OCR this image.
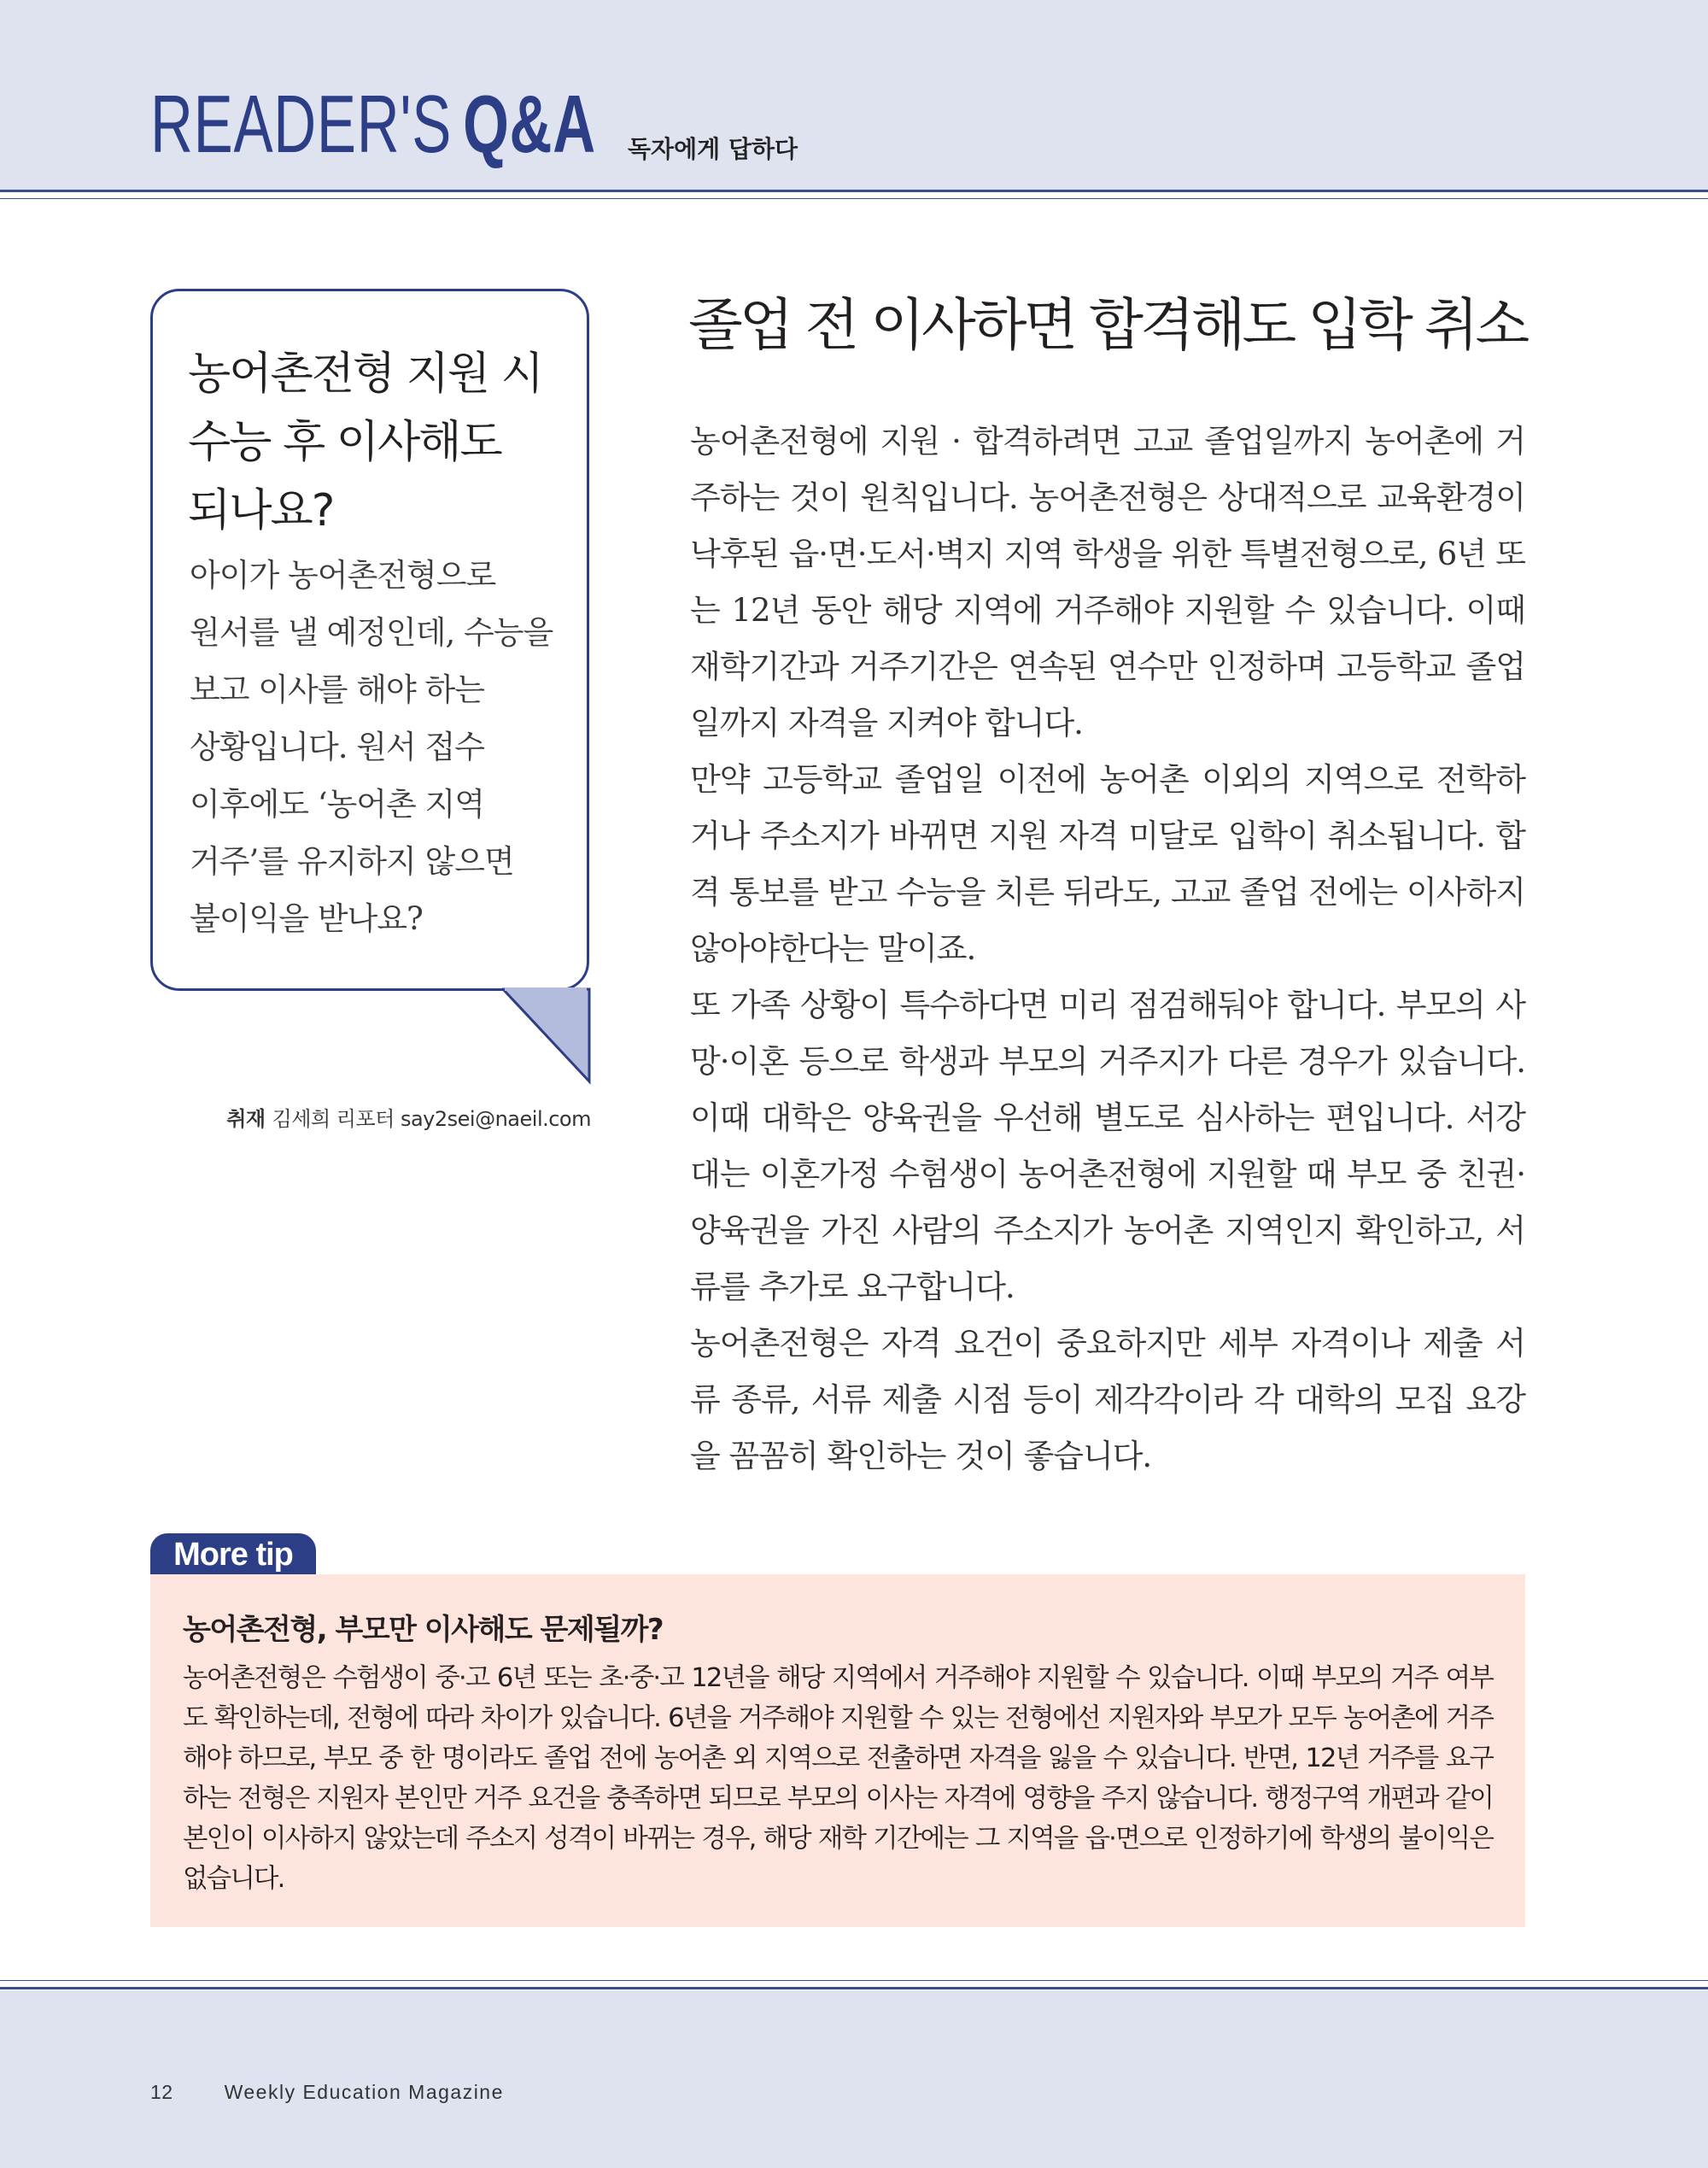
READER'S Q&A 독자에게 답하다
농어촌전형 지원 시
수능 후 이사해도
되나요?

아이가 농어촌전형으로
원서를 낼 예정인데, 수능을
보고 이사를 해야 하는
상황입니다. 원서 접수
이후에도 ‘농어촌 지역
거주’를 유지하지 않으면
불이익을 받나요?

취재 김세희 리포터 say2sei@naeil.com
졸업 전 이사하면 합격해도 입학 취소

농어촌전형에 지원 · 합격하려면 고교 졸업일까지 농어촌에 거주하는 것이 원칙입니다. 농어촌전형은 상대적으로 교육환경이 낙후된 읍·면·도서·벽지 지역 학생을 위한 특별전형으로, 6년 또는 12년 동안 해당 지역에 거주해야 지원할 수 있습니다. 이때 재학기간과 거주기간은 연속된 연수만 인정하며 고등학교 졸업일까지 자격을 지켜야 합니다.

만약 고등학교 졸업일 이전에 농어촌 이외의 지역으로 전학하거나 주소지가 바뀌면 지원 자격 미달로 입학이 취소됩니다. 합격 통보를 받고 수능을 치른 뒤라도, 고교 졸업 전에는 이사하지 않아야한다는 말이죠.

또 가족 상황이 특수하다면 미리 점검해둬야 합니다. 부모의 사망·이혼 등으로 학생과 부모의 거주지가 다른 경우가 있습니다. 이때 대학은 양육권을 우선해 별도로 심사하는 편입니다. 서강대는 이혼가정 수험생이 농어촌전형에 지원할 때 부모 중 친권·양육권을 가진 사람의 주소지가 농어촌 지역인지 확인하고, 서류를 추가로 요구합니다.

농어촌전형은 자격 요건이 중요하지만 세부 자격이나 제출 서류 종류, 서류 제출 시점 등이 제각각이라 각 대학의 모집 요강을 꼼꼼히 확인하는 것이 좋습니다.

More tip
농어촌전형, 부모만 이사해도 문제될까?

농어촌전형은 수험생이 중·고 6년 또는 초·중·고 12년을 해당 지역에서 거주해야 지원할 수 있습니다. 이때 부모의 거주 여부도 확인하는데, 전형에 따라 차이가 있습니다. 6년을 거주해야 지원할 수 있는 전형에선 지원자와 부모가 모두 농어촌에 거주해야 하므로, 부모 중 한 명이라도 졸업 전에 농어촌 외 지역으로 전출하면 자격을 잃을 수 있습니다. 반면, 12년 거주를 요구하는 전형은 지원자 본인만 거주 요건을 충족하면 되므로 부모의 이사는 자격에 영향을 주지 않습니다. 행정구역 개편과 같이 본인이 이사하지 않았는데 주소지 성격이 바뀌는 경우, 해당 재학 기간에는 그 지역을 읍·면으로 인정하기에 학생의 불이익은 없습니다.

12	Weekly Education Magazine
